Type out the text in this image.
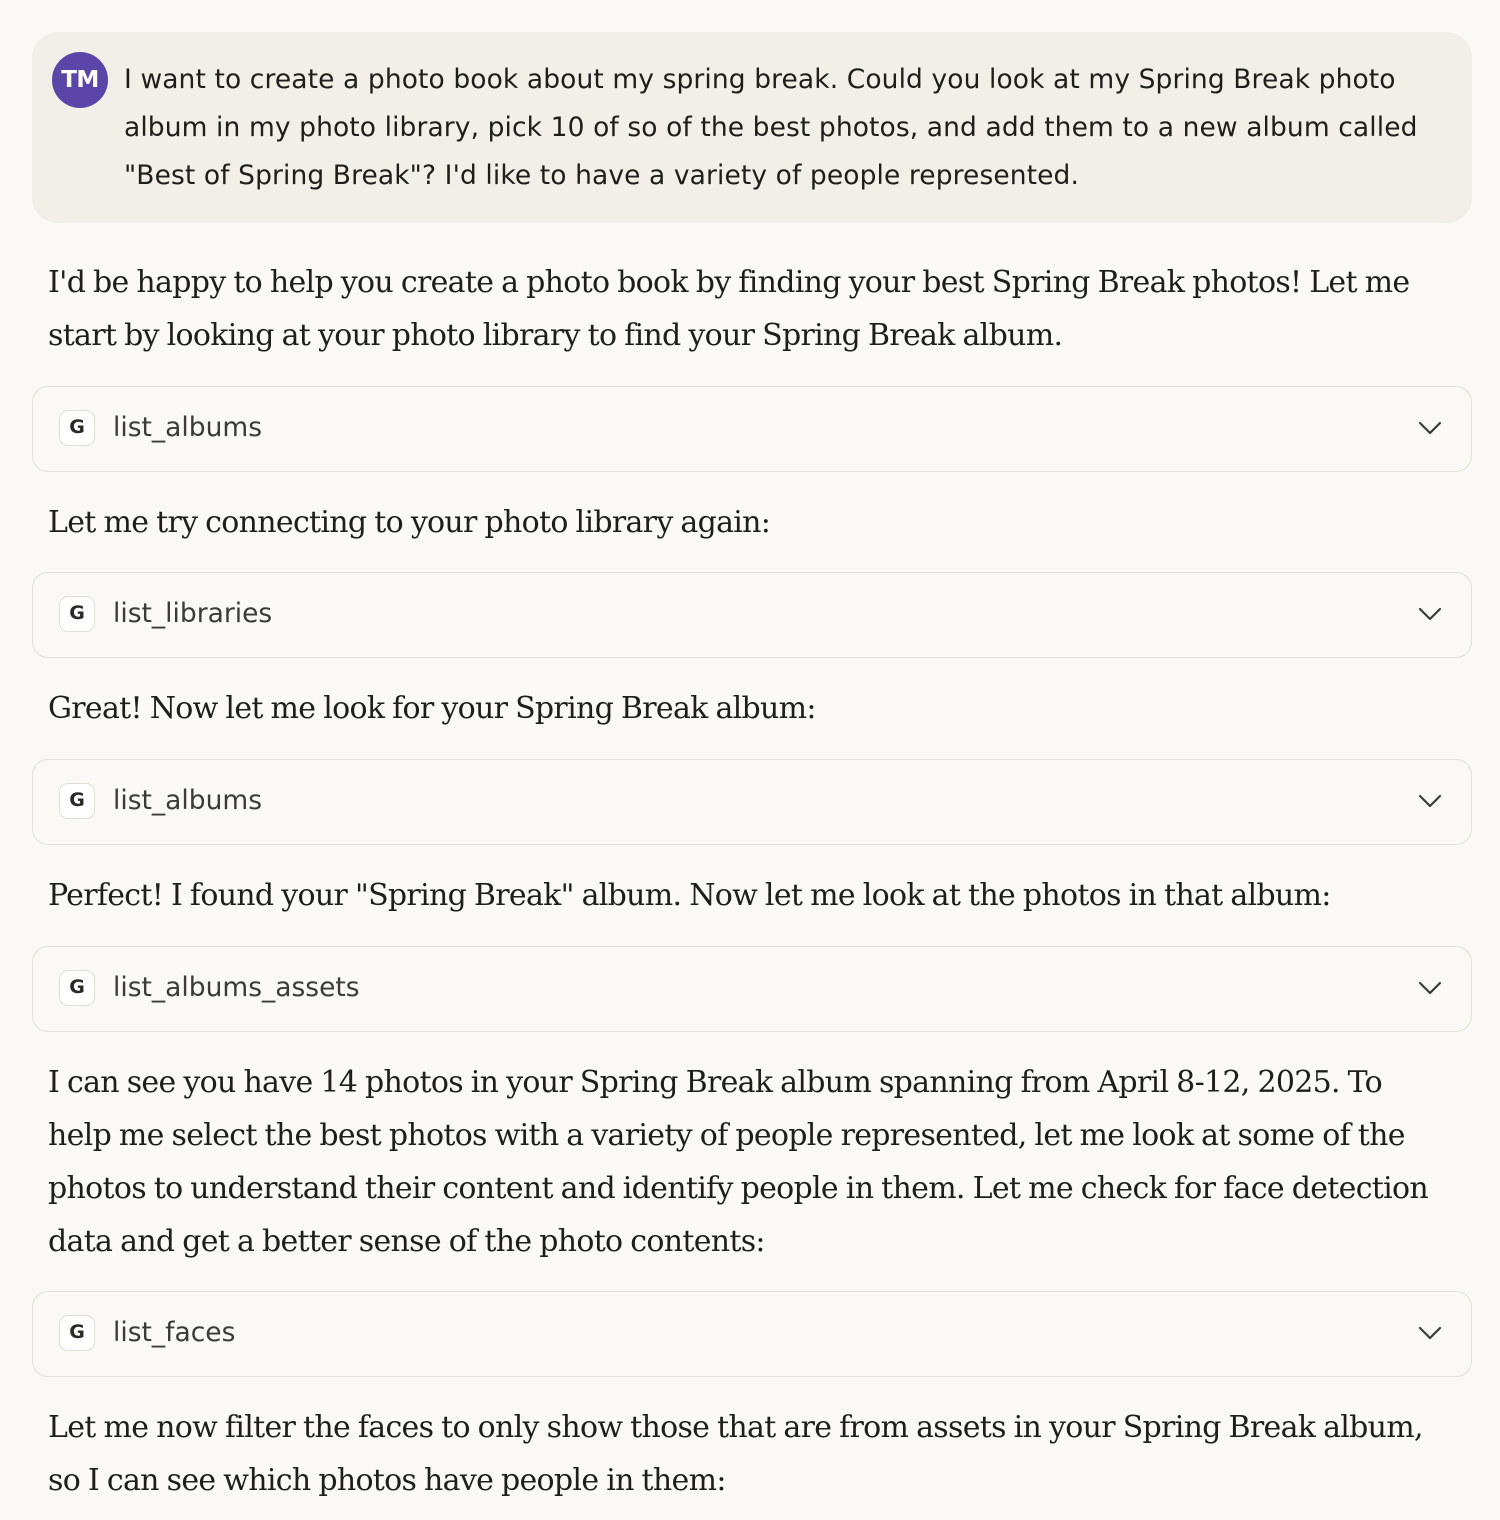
TM I want to create a photo book about my spring break. Could you look at my Spring Break photo album in my photo library, pick 10 of so of the best photos, and add them to a new album called "Best of Spring Break"? I'd like to have a variety of people represented.

I'd be happy to help you create a photo book by finding your best Spring Break photos! Let me start by looking at your photo library to find your Spring Break album.

G	list_albums

Let me try connecting to your photo library again:

G	list_libraries

Great! Now let me look for your Spring Break album:

G	list_albums

Perfect! I found your "Spring Break" album. Now let me look at the photos in that album:

G	list_albums_assets

I can see you have 14 photos in your Spring Break album spanning from April 8-12, 2025. To help me select the best photos with a variety of people represented, let me look at some of the photos to understand their content and identify people in them. Let me check for face detection data and get a better sense of the photo contents:

G	list_faces

Let me now filter the faces to only show those that are from assets in your Spring Break album, so I can see which photos have people in them:
